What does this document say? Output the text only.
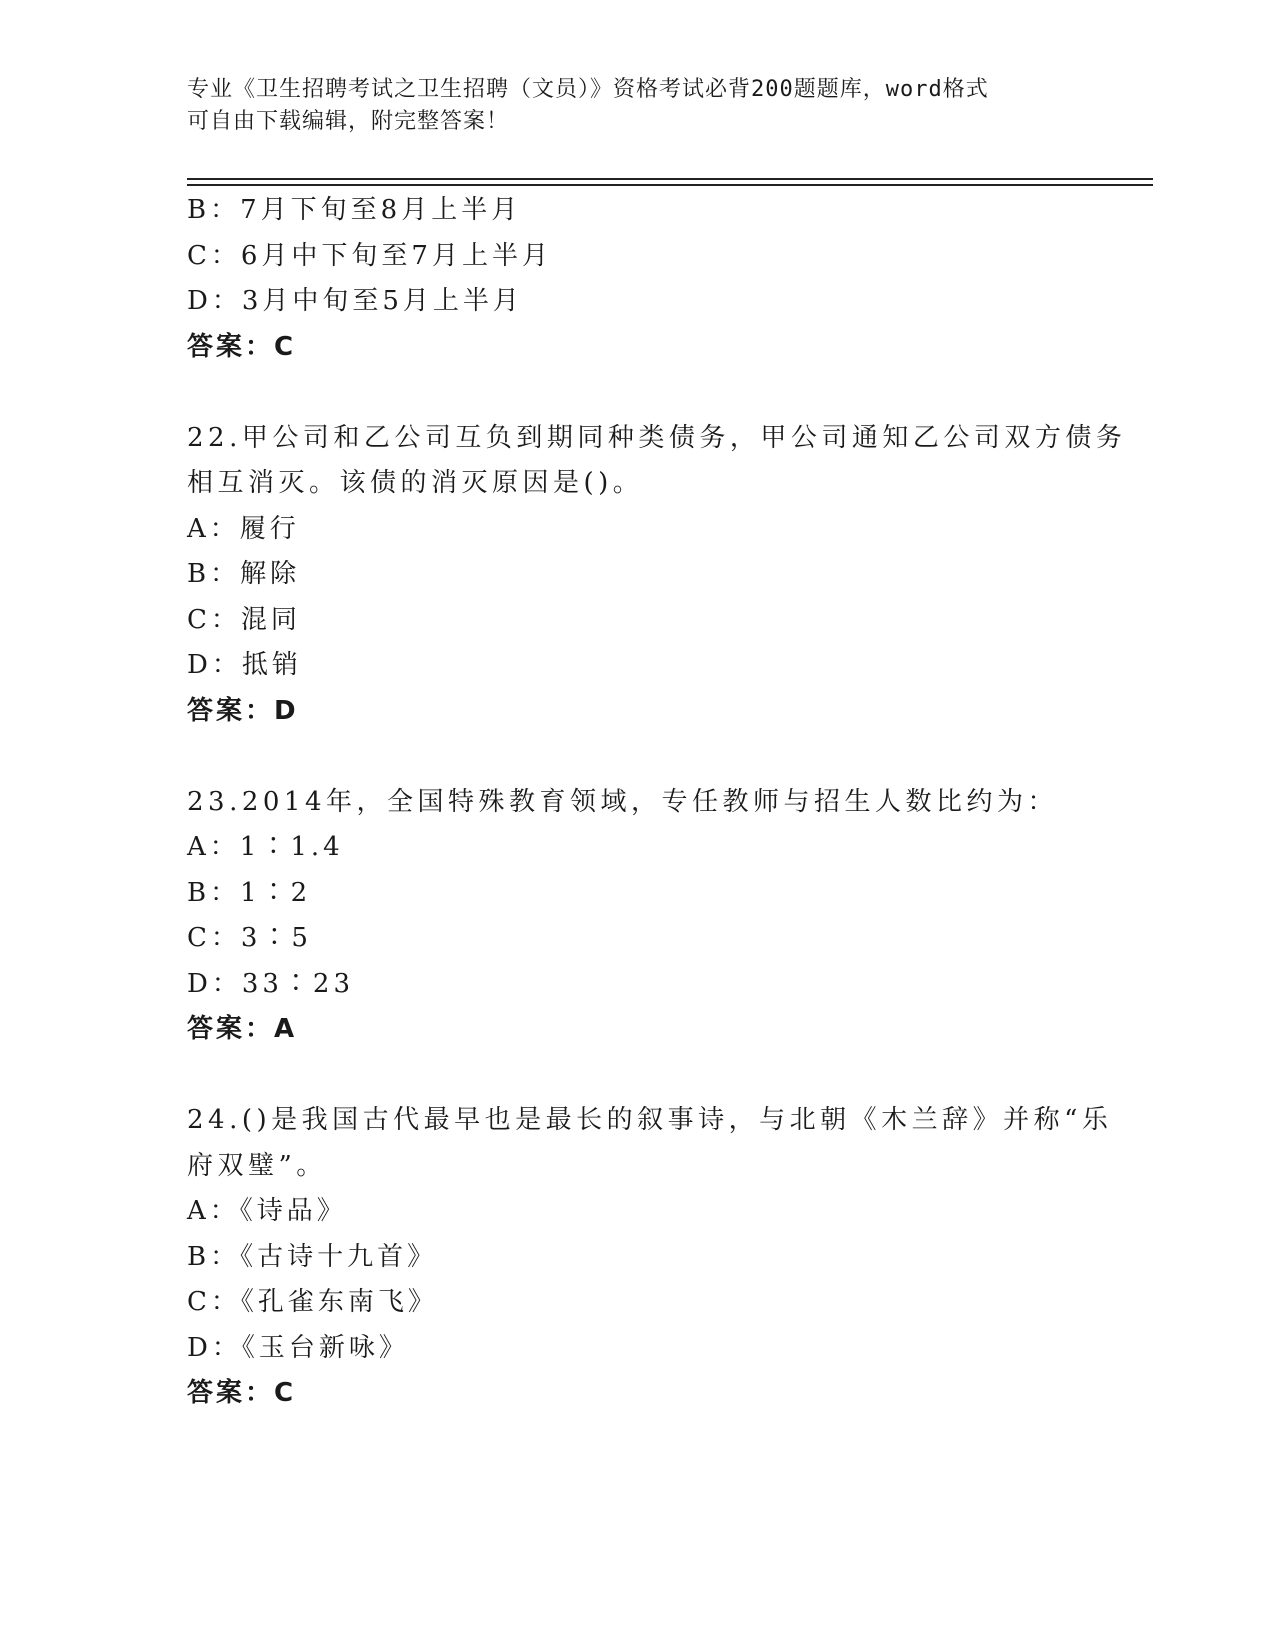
专业《卫生招聘考试之卫生招聘（文员）》资格考试必背200题题库，word格式
可自由下载编辑，附完整答案！
B：7月下旬至8月上半月
C：6月中下旬至7月上半月
D：3月中旬至5月上半月
答案：C
22.甲公司和乙公司互负到期同种类债务，甲公司通知乙公司双方债务
相互消灭。该债的消灭原因是()。
A：履行
B：解除
C：混同
D：抵销
答案：D
23.2014年，全国特殊教育领域，专任教师与招生人数比约为：
A：1∶1.4
B：1∶2
C：3∶5
D：33∶23
答案：A
24.()是我国古代最早也是最长的叙事诗，与北朝《木兰辞》并称“乐
府双璧”。
A：《诗品》
B：《古诗十九首》
C：《孔雀东南飞》
D：《玉台新咏》
答案：C
